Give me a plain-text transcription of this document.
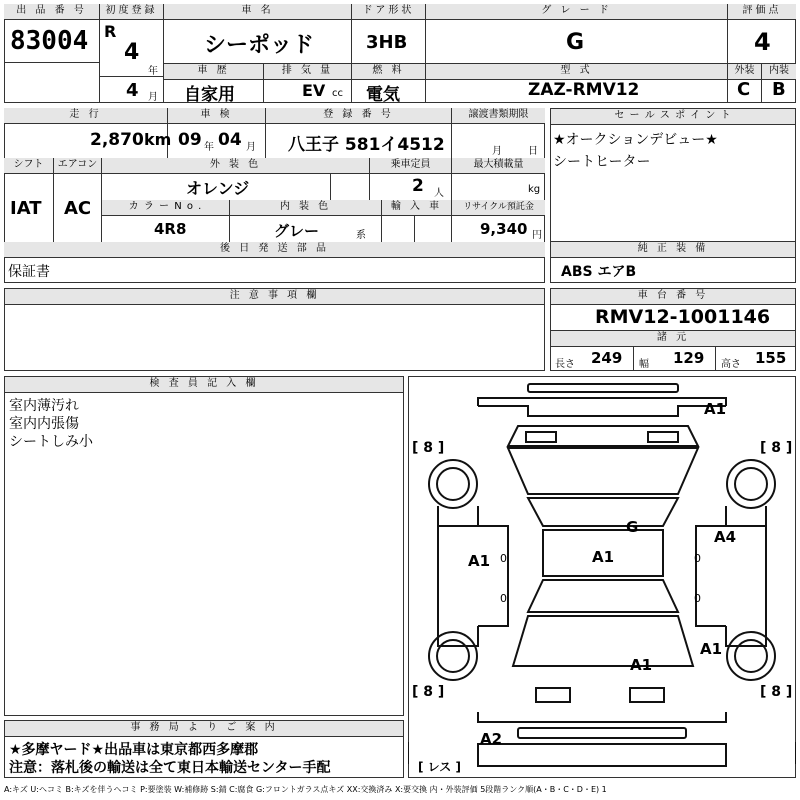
出 品 番 号
83004
初度登録
R
4
年
4 月
車 名
シーポッド
ドア形状
3HB
グ レ ー ド
G
評価点
4
車 歴
自家用
排 気 量
EV cc
燃 料
電気
型 式
ZAZ-RMV12
外装
C
内装
B
走 行
2,870 km
車 検
09 年 04 月
登 録 番 号
八王子 581イ4512
譲渡書類期限
月	日
シフト
IAT
エアコン
AC
外 装 色
オレンジ
乗車定員
2 人
最大積載量
kg
カ ラ ー N o .
4R8
内 装 色
グレー	系
輸 入 車	リサイクル預託金
9,340 円
後 日 発 送 部 品
保証書
セ ー ル ス ポ イ ン ト
★オークションデビュー★
シートヒーター
純 正 装 備
ABS エアB
注 意 事 項 欄	車 台 番 号
RMV12-1001146
諸 元
長さ 249 幅 129 高さ 155
検 査 員 記 入 欄
室内薄汚れ
室内内張傷
シートしみ小
事 務 局 よ り ご 案 内
★多摩ヤード★出品車は東京都西多摩郡
注意：落札後の輸送は全て東日本輸送センター手配
[ 8 ]	[ 8 ]
[ 8 ]	[ 8 ]
A1
G
A4
A1	A1
A1
A1
A2
0
0
0
0
[ レス ]
A:キズ U:ヘコミ B:キズを伴うヘコミ P:要塗装 W:補修跡 S:錆 C:腐食 G:フロントガラス点キズ XX:交換済み X:要交換 内・外装評価 5段階ランク順(A・B・C・D・E) 1
